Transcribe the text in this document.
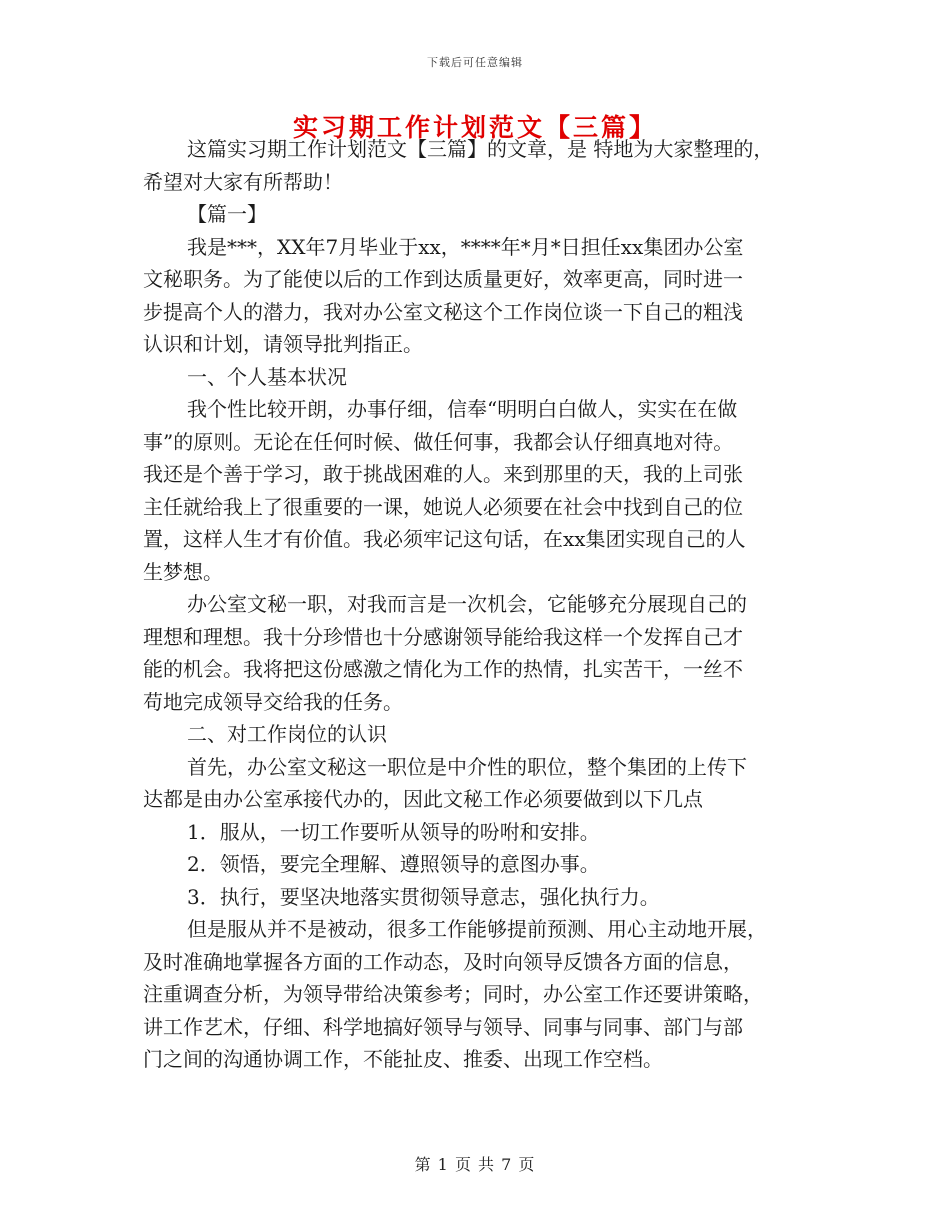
下载后可任意编辑
实习期工作计划范文【三篇】
这篇实习期工作计划范文【三篇】的文章，是 特地为大家整理的，
希望对大家有所帮助！
【篇一】
我是***，XX年7月毕业于xx，****年*月*日担任xx集团办公室
文秘职务。为了能使以后的工作到达质量更好，效率更高，同时进一
步提高个人的潜力，我对办公室文秘这个工作岗位谈一下自己的粗浅
认识和计划，请领导批判指正。
一、个人基本状况
我个性比较开朗，办事仔细，信奉“明明白白做人，实实在在做
事”的原则。无论在任何时候、做任何事，我都会认仔细真地对待。
我还是个善于学习，敢于挑战困难的人。来到那里的天，我的上司张
主任就给我上了很重要的一课，她说人必须要在社会中找到自己的位
置，这样人生才有价值。我必须牢记这句话，在xx集团实现自己的人
生梦想。
办公室文秘一职，对我而言是一次机会，它能够充分展现自己的
理想和理想。我十分珍惜也十分感谢领导能给我这样一个发挥自己才
能的机会。我将把这份感激之情化为工作的热情，扎实苦干，一丝不
苟地完成领导交给我的任务。
二、对工作岗位的认识
首先，办公室文秘这一职位是中介性的职位，整个集团的上传下
达都是由办公室承接代办的，因此文秘工作必须要做到以下几点
1．服从，一切工作要听从领导的吩咐和安排。
2．领悟，要完全理解、遵照领导的意图办事。
3．执行，要坚决地落实贯彻领导意志，强化执行力。
但是服从并不是被动，很多工作能够提前预测、用心主动地开展，
及时准确地掌握各方面的工作动态，及时向领导反馈各方面的信息，
注重调查分析，为领导带给决策参考；同时，办公室工作还要讲策略，
讲工作艺术，仔细、科学地搞好领导与领导、同事与同事、部门与部
门之间的沟通协调工作，不能扯皮、推委、出现工作空档。
第 1 页 共 7 页
